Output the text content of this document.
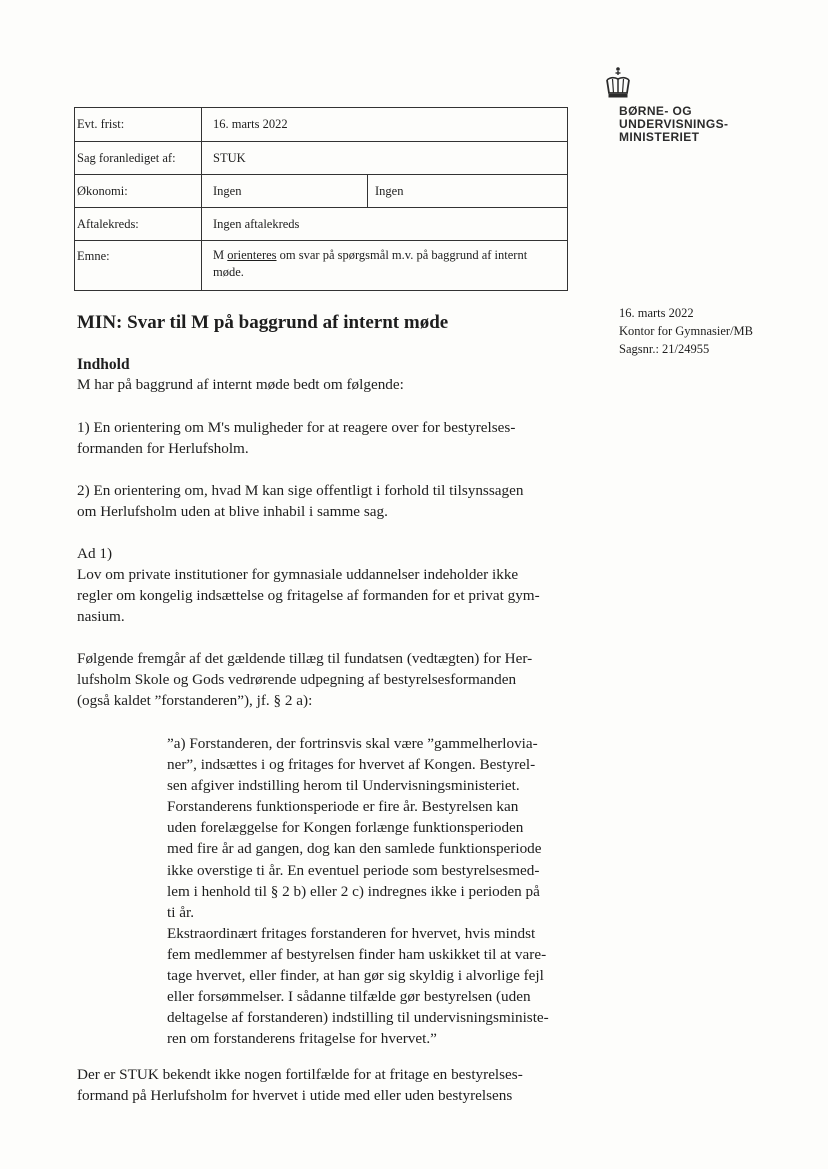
Evt. frist:	16. marts 2022
Sag foranlediget af:	STUK
Økonomi:	Ingen	Ingen
Aftalekreds:	Ingen aftalekreds
Emne:	M orienteres om svar på spørgsmål m.v. på baggrund af internt
møde.
BØRNE- OG
UNDERVISNINGS-
MINISTERIET
16. marts 2022
Kontor for Gymnasier/MB
Sagsnr.: 21/24955
MIN: Svar til M på baggrund af internt møde
Indhold
M har på baggrund af internt møde bedt om følgende:
1) En orientering om M's muligheder for at reagere over for bestyrelses-
formanden for Herlufsholm.
2) En orientering om, hvad M kan sige offentligt i forhold til tilsynssagen
om Herlufsholm uden at blive inhabil i samme sag.
Ad 1)
Lov om private institutioner for gymnasiale uddannelser indeholder ikke
regler om kongelig indsættelse og fritagelse af formanden for et privat gym-
nasium.
Følgende fremgår af det gældende tillæg til fundatsen (vedtægten) for Her-
lufsholm Skole og Gods vedrørende udpegning af bestyrelsesformanden
(også kaldet ”forstanderen”), jf. § 2 a):
”a) Forstanderen, der fortrinsvis skal være ”gammelherlovia-
ner”, indsættes i og fritages for hvervet af Kongen. Bestyrel-
sen afgiver indstilling herom til Undervisningsministeriet.
Forstanderens funktionsperiode er fire år. Bestyrelsen kan
uden forelæggelse for Kongen forlænge funktionsperioden
med fire år ad gangen, dog kan den samlede funktionsperiode
ikke overstige ti år. En eventuel periode som bestyrelsesmed-
lem i henhold til § 2 b) eller 2 c) indregnes ikke i perioden på
ti år.
Ekstraordinært fritages forstanderen for hvervet, hvis mindst
fem medlemmer af bestyrelsen finder ham uskikket til at vare-
tage hvervet, eller finder, at han gør sig skyldig i alvorlige fejl
eller forsømmelser. I sådanne tilfælde gør bestyrelsen (uden
deltagelse af forstanderen) indstilling til undervisningsministe-
ren om forstanderens fritagelse for hvervet.”
Der er STUK bekendt ikke nogen fortilfælde for at fritage en bestyrelses-
formand på Herlufsholm for hvervet i utide med eller uden bestyrelsens
